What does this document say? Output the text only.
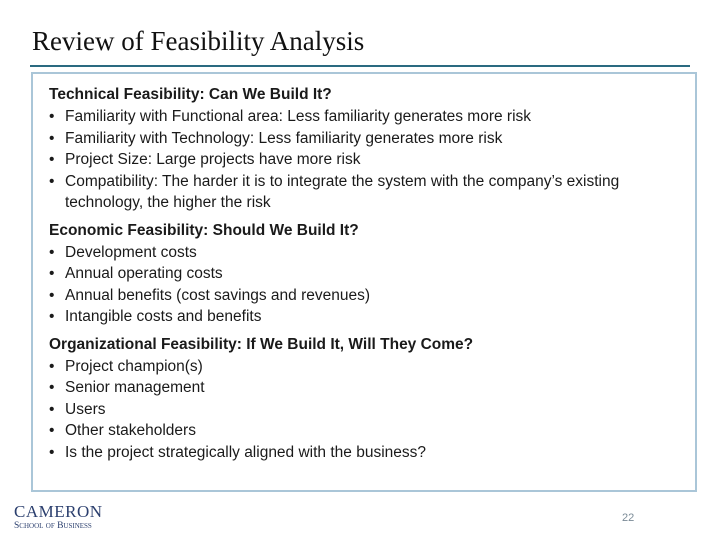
Review of Feasibility Analysis

Technical Feasibility: Can We Build It?

• Familiarity with Functional area: Less familiarity generates more risk
• Familiarity with Technology: Less familiarity generates more risk
• Project Size: Large projects have more risk
• Compatibility: The harder it is to integrate the system with the company’s existing technology, the higher the risk

Economic Feasibility: Should We Build It?

• Development costs
• Annual operating costs
• Annual benefits (cost savings and revenues)
• Intangible costs and benefits

Organizational Feasibility: If We Build It, Will They Come?

• Project champion(s)
• Senior management
• Users
• Other stakeholders
• Is the project strategically aligned with the business?
CAMERON
School of Business
22
